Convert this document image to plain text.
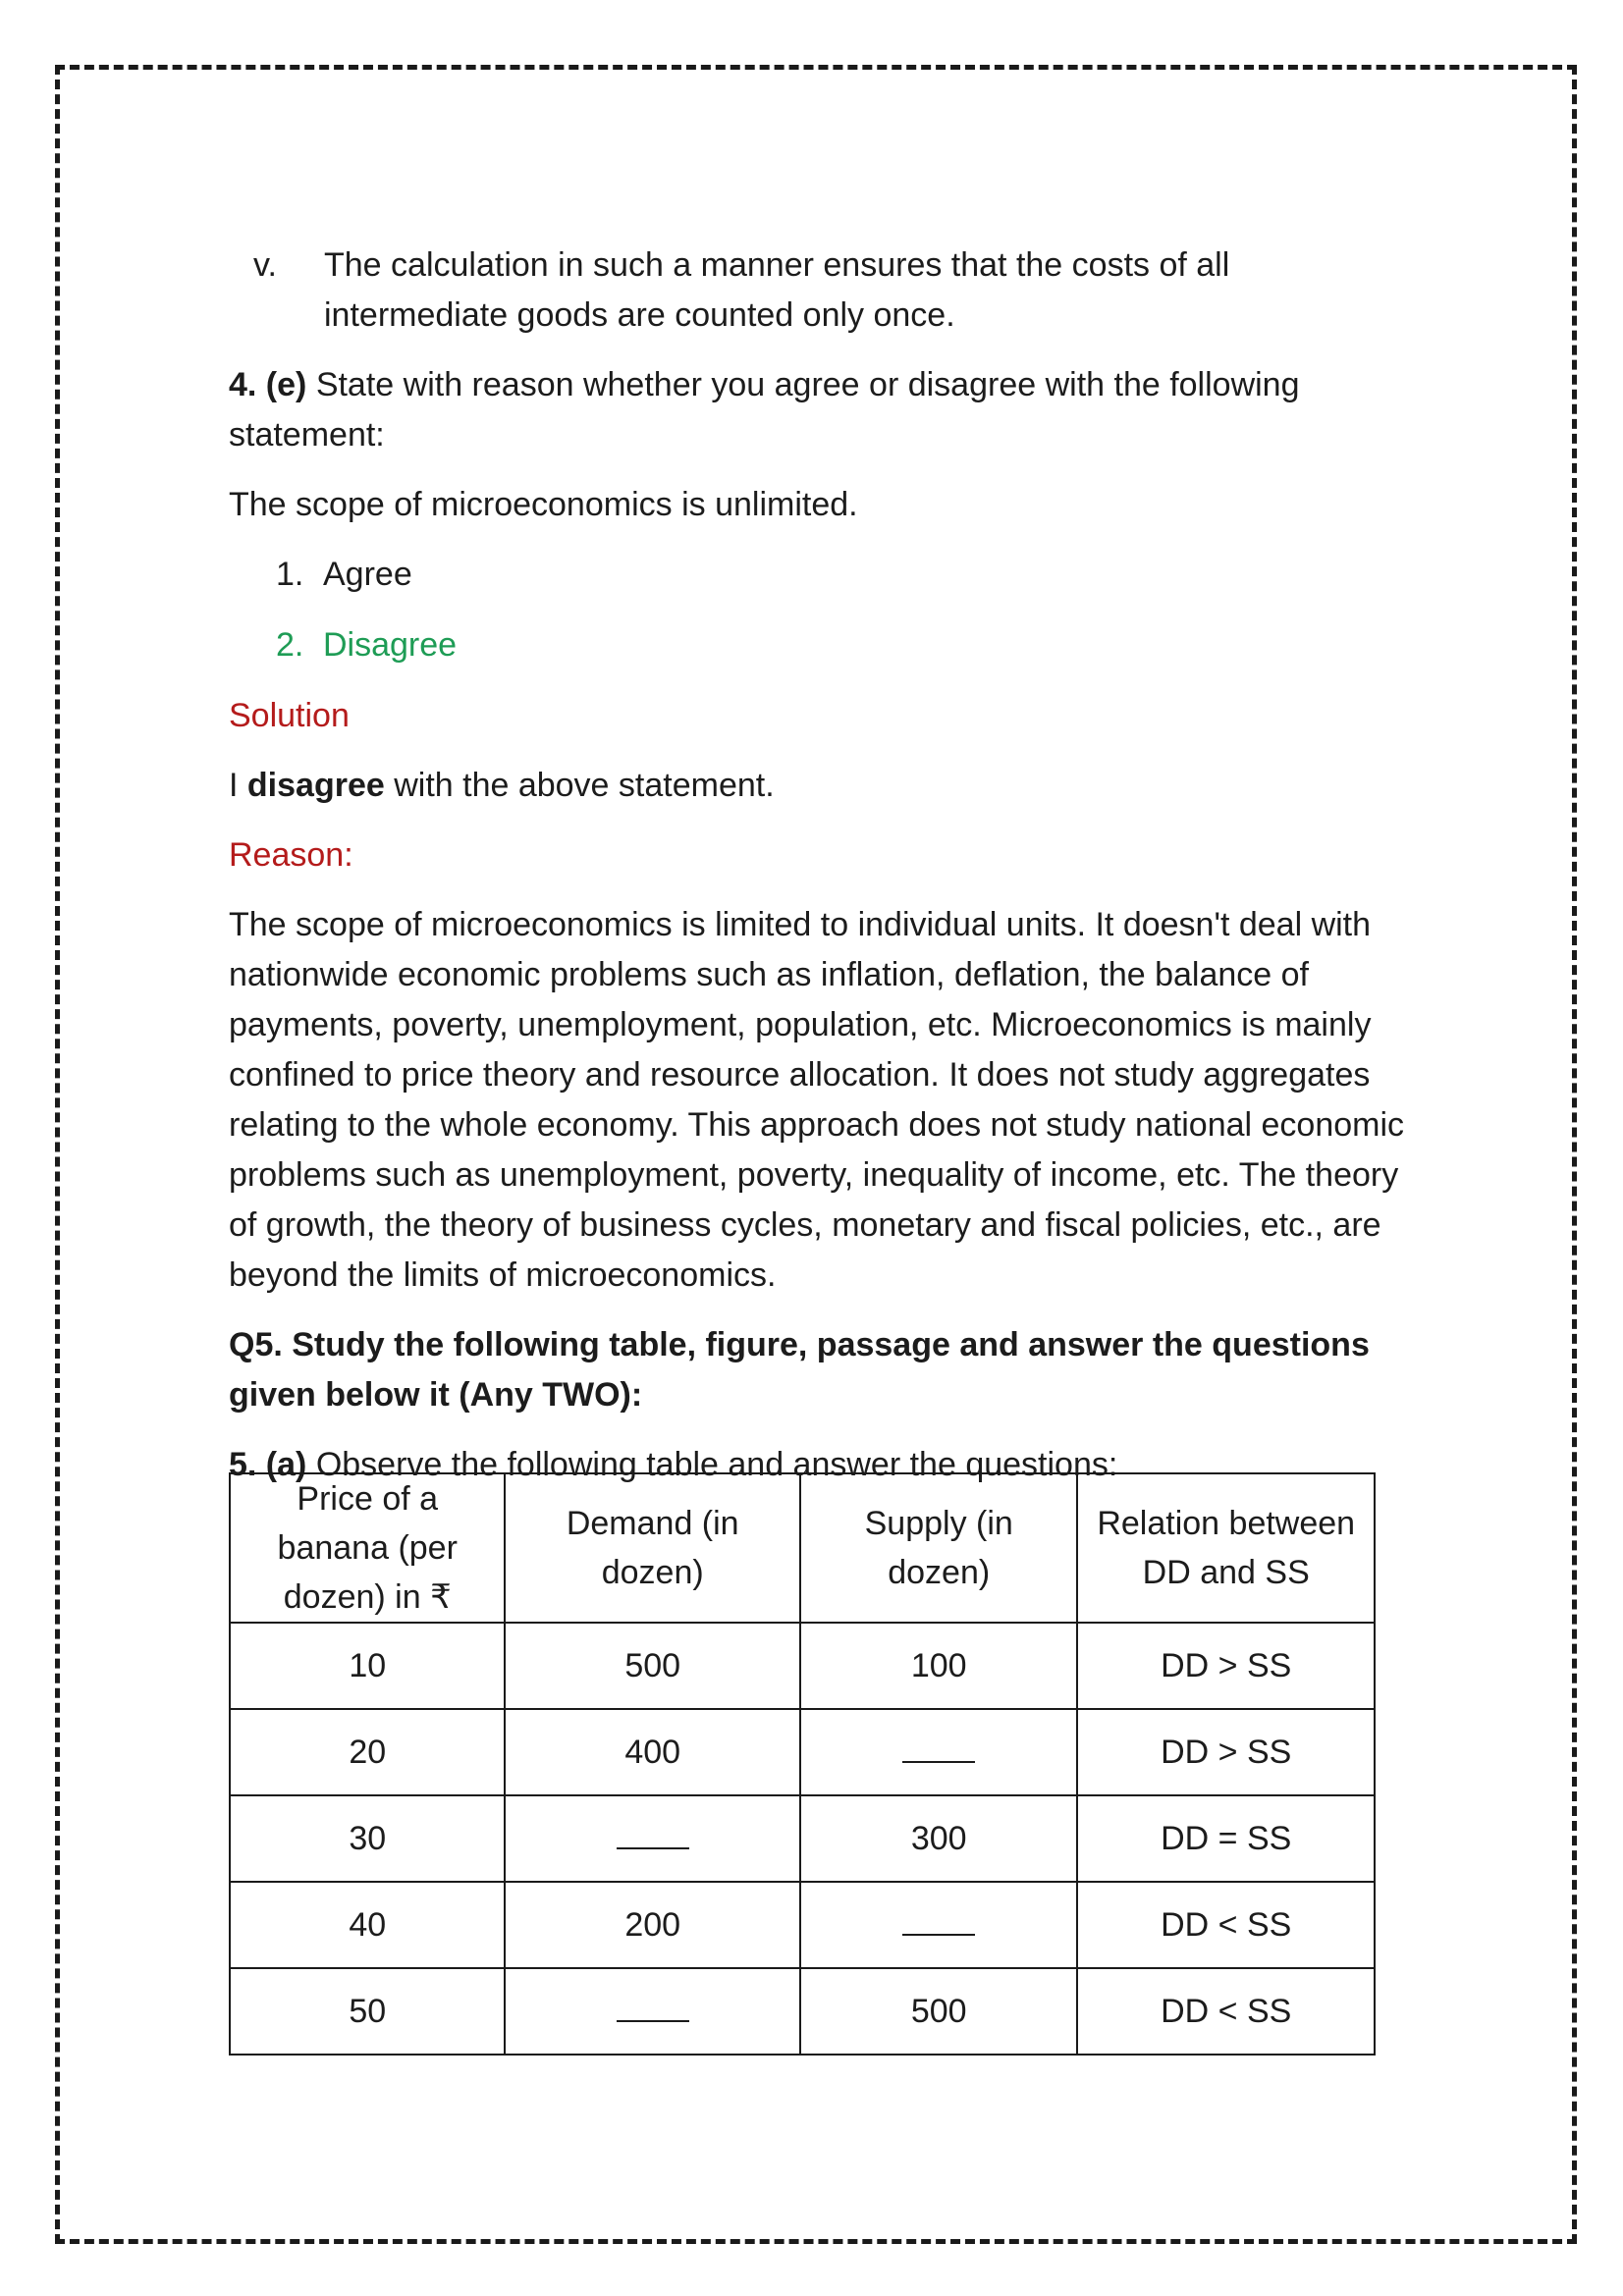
v.	The calculation in such a manner ensures that the costs of all intermediate goods are counted only once.
4. (e) State with reason whether you agree or disagree with the following statement:
The scope of microeconomics is unlimited.
1. Agree
2. Disagree
Solution
I disagree with the above statement.
Reason:
The scope of microeconomics is limited to individual units. It doesn't deal with nationwide economic problems such as inflation, deflation, the balance of payments, poverty, unemployment, population, etc. Microeconomics is mainly confined to price theory and resource allocation. It does not study aggregates relating to the whole economy. This approach does not study national economic problems such as unemployment, poverty, inequality of income, etc. The theory of growth, the theory of business cycles, monetary and fiscal policies, etc., are beyond the limits of microeconomics.
Q5. Study the following table, figure, passage and answer the questions given below it (Any TWO):
5. (a) Observe the following table and answer the questions:
Price of a banana (per dozen) in ₹	Demand (in dozen)	Supply (in dozen)	Relation between DD and SS
10	500	100	DD > SS
20	400		DD > SS
30		300	DD = SS
40	200		DD < SS
50		500	DD < SS
